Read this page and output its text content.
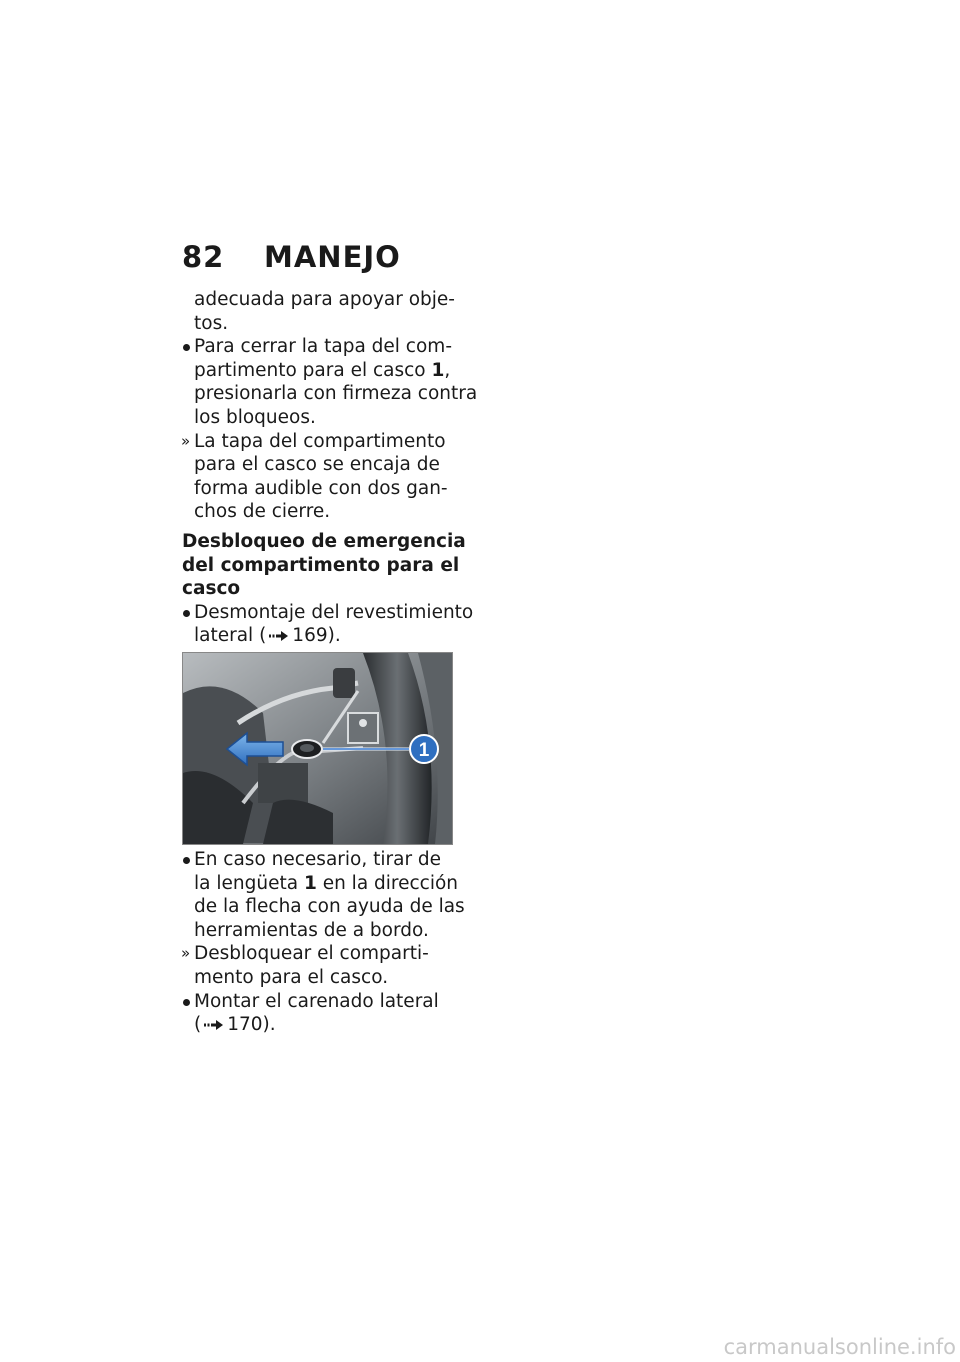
82 MANEJO
adecuada para apoyar obje-
tos.
Para cerrar la tapa del com-
partimento para el casco 1,
presionarla con firmeza contra
los bloqueos.
» La tapa del compartimento
para el casco se encaja de
forma audible con dos gan-
chos de cierre.
Desbloqueo de emergencia
del compartimento para el
casco
Desmontaje del revestimiento
lateral ( 169).
1
En caso necesario, tirar de
la lengüeta 1 en la dirección
de la flecha con ayuda de las
herramientas de a bordo.
» Desbloquear el comparti-
mento para el casco.
Montar el carenado lateral
( 170).
carmanualsonline.info
